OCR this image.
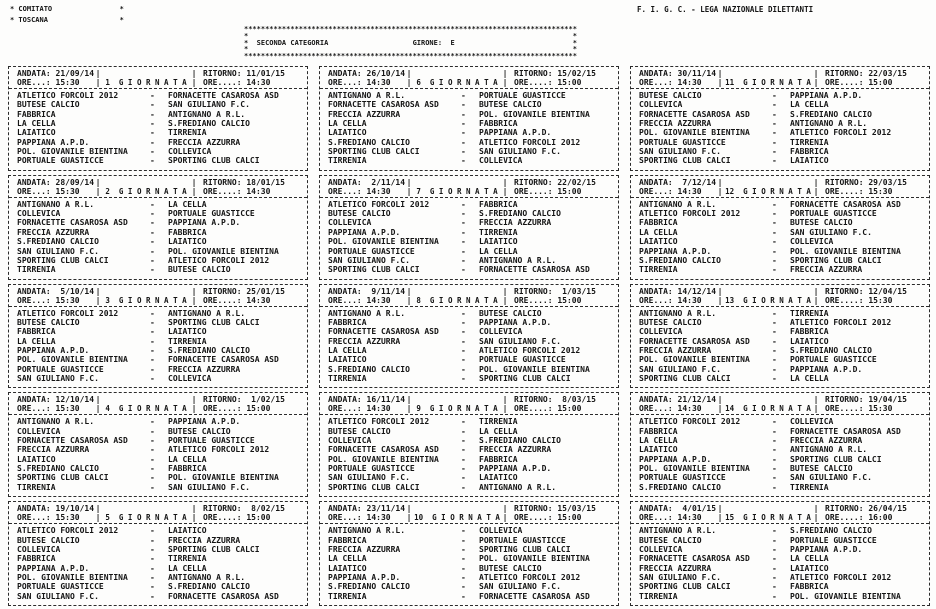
* COMITATO                *
* TOSCANA                 *
F. I. G. C. - LEGA NAZIONALE DILETTANTI
*******************************************************************************
*                                                                             *
*  SECONDA CATEGORIA                    GIRONE:  E                            *
*                                                                             *
*******************************************************************************
ANDATA: 21/09/14 |	| RITORNO: 11/01/15
ORE...: 15:30	| 1  G I O R N A T A | ORE....: 14:30
ATLETICO FORCOLI 2012	-	FORNACETTE CASAROSA ASD
BUTESE CALCIO	-	SAN GIULIANO F.C.
FABBRICA	-	ANTIGNANO A R.L.
LA CELLA	-	S.FREDIANO CALCIO
LAIATICO	-	TIRRENIA
PAPPIANA A.P.D.	-	FRECCIA AZZURRA
POL. GIOVANILE BIENTINA	-	COLLEVICA
PORTUALE GUASTICCE	-	SPORTING CLUB CALCI
ANDATA: 28/09/14 |	| RITORNO: 18/01/15
ORE...: 15:30	| 2  G I O R N A T A | ORE....: 14:30
ANTIGNANO A R.L.	-	LA CELLA
COLLEVICA	-	PORTUALE GUASTICCE
FORNACETTE CASAROSA ASD	-	PAPPIANA A.P.D.
FRECCIA AZZURRA	-	FABBRICA
S.FREDIANO CALCIO	-	LAIATICO
SAN GIULIANO F.C.	-	POL. GIOVANILE BIENTINA
SPORTING CLUB CALCI	-	ATLETICO FORCOLI 2012
TIRRENIA	-	BUTESE CALCIO
ANDATA:  5/10/14 |	| RITORNO: 25/01/15
ORE...: 15:30	| 3  G I O R N A T A | ORE....: 14:30
ATLETICO FORCOLI 2012	-	ANTIGNANO A R.L.
BUTESE CALCIO	-	SPORTING CLUB CALCI
FABBRICA	-	LAIATICO
LA CELLA	-	TIRRENIA
PAPPIANA A.P.D.	-	S.FREDIANO CALCIO
POL. GIOVANILE BIENTINA	-	FORNACETTE CASAROSA ASD
PORTUALE GUASTICCE	-	FRECCIA AZZURRA
SAN GIULIANO F.C.	-	COLLEVICA
ANDATA: 12/10/14 |	| RITORNO:  1/02/15
ORE...: 15:30	| 4  G I O R N A T A | ORE....: 15:00
ANTIGNANO A R.L.	-	PAPPIANA A.P.D.
COLLEVICA	-	BUTESE CALCIO
FORNACETTE CASAROSA ASD	-	PORTUALE GUASTICCE
FRECCIA AZZURRA	-	ATLETICO FORCOLI 2012
LAIATICO	-	LA CELLA
S.FREDIANO CALCIO	-	FABBRICA
SPORTING CLUB CALCI	-	POL. GIOVANILE BIENTINA
TIRRENIA	-	SAN GIULIANO F.C.
ANDATA: 19/10/14 |	| RITORNO:  8/02/15
ORE...: 15:30	| 5  G I O R N A T A | ORE....: 15:00
ATLETICO FORCOLI 2012	-	LAIATICO
BUTESE CALCIO	-	FRECCIA AZZURRA
COLLEVICA	-	SPORTING CLUB CALCI
FABBRICA	-	TIRRENIA
PAPPIANA A.P.D.	-	LA CELLA
POL. GIOVANILE BIENTINA	-	ANTIGNANO A R.L.
PORTUALE GUASTICCE	-	S.FREDIANO CALCIO
SAN GIULIANO F.C.	-	FORNACETTE CASAROSA ASD
ANDATA: 26/10/14 |	| RITORNO: 15/02/15
ORE...: 14:30	| 6  G I O R N A T A | ORE....: 15:00
ANTIGNANO A R.L.	-	PORTUALE GUASTICCE
FORNACETTE CASAROSA ASD	-	BUTESE CALCIO
FRECCIA AZZURRA	-	POL. GIOVANILE BIENTINA
LA CELLA	-	FABBRICA
LAIATICO	-	PAPPIANA A.P.D.
S.FREDIANO CALCIO	-	ATLETICO FORCOLI 2012
SPORTING CLUB CALCI	-	SAN GIULIANO F.C.
TIRRENIA	-	COLLEVICA
ANDATA:  2/11/14 |	| RITORNO: 22/02/15
ORE...: 14:30	| 7  G I O R N A T A | ORE....: 15:00
ATLETICO FORCOLI 2012	-	FABBRICA
BUTESE CALCIO	-	S.FREDIANO CALCIO
COLLEVICA	-	FRECCIA AZZURRA
PAPPIANA A.P.D.	-	TIRRENIA
POL. GIOVANILE BIENTINA	-	LAIATICO
PORTUALE GUASTICCE	-	LA CELLA
SAN GIULIANO F.C.	-	ANTIGNANO A R.L.
SPORTING CLUB CALCI	-	FORNACETTE CASAROSA ASD
ANDATA:  9/11/14 |	| RITORNO:  1/03/15
ORE...: 14:30	| 8  G I O R N A T A | ORE....: 15:00
ANTIGNANO A R.L.	-	BUTESE CALCIO
FABBRICA	-	PAPPIANA A.P.D.
FORNACETTE CASAROSA ASD	-	COLLEVICA
FRECCIA AZZURRA	-	SAN GIULIANO F.C.
LA CELLA	-	ATLETICO FORCOLI 2012
LAIATICO	-	PORTUALE GUASTICCE
S.FREDIANO CALCIO	-	POL. GIOVANILE BIENTINA
TIRRENIA	-	SPORTING CLUB CALCI
ANDATA: 16/11/14 |	| RITORNO:  8/03/15
ORE...: 14:30	| 9  G I O R N A T A | ORE....: 15:00
ATLETICO FORCOLI 2012	-	TIRRENIA
BUTESE CALCIO	-	LA CELLA
COLLEVICA	-	S.FREDIANO CALCIO
FORNACETTE CASAROSA ASD	-	FRECCIA AZZURRA
POL. GIOVANILE BIENTINA	-	FABBRICA
PORTUALE GUASTICCE	-	PAPPIANA A.P.D.
SAN GIULIANO F.C.	-	LAIATICO
SPORTING CLUB CALCI	-	ANTIGNANO A R.L.
ANDATA: 23/11/14 |	| RITORNO: 15/03/15
ORE...: 14:30	| 10  G I O R N A T A | ORE....: 15:00
ANTIGNANO A R.L.	-	COLLEVICA
FABBRICA	-	PORTUALE GUASTICCE
FRECCIA AZZURRA	-	SPORTING CLUB CALCI
LA CELLA	-	POL. GIOVANILE BIENTINA
LAIATICO	-	BUTESE CALCIO
PAPPIANA A.P.D.	-	ATLETICO FORCOLI 2012
S.FREDIANO CALCIO	-	SAN GIULIANO F.C.
TIRRENIA	-	FORNACETTE CASAROSA ASD
ANDATA: 30/11/14 |	| RITORNO: 22/03/15
ORE...: 14:30	| 11  G I O R N A T A | ORE....: 15:00
BUTESE CALCIO	-	PAPPIANA A.P.D.
COLLEVICA	-	LA CELLA
FORNACETTE CASAROSA ASD	-	S.FREDIANO CALCIO
FRECCIA AZZURRA	-	ANTIGNANO A R.L.
POL. GIOVANILE BIENTINA	-	ATLETICO FORCOLI 2012
PORTUALE GUASTICCE	-	TIRRENIA
SAN GIULIANO F.C.	-	FABBRICA
SPORTING CLUB CALCI	-	LAIATICO
ANDATA:  7/12/14 |	| RITORNO: 29/03/15
ORE...: 14:30	| 12  G I O R N A T A | ORE....: 15:30
ANTIGNANO A R.L.	-	FORNACETTE CASAROSA ASD
ATLETICO FORCOLI 2012	-	PORTUALE GUASTICCE
FABBRICA	-	BUTESE CALCIO
LA CELLA	-	SAN GIULIANO F.C.
LAIATICO	-	COLLEVICA
PAPPIANA A.P.D.	-	POL. GIOVANILE BIENTINA
S.FREDIANO CALCIO	-	SPORTING CLUB CALCI
TIRRENIA	-	FRECCIA AZZURRA
ANDATA: 14/12/14 |	| RITORNO: 12/04/15
ORE...: 14:30	| 13  G I O R N A T A | ORE....: 15:30
ANTIGNANO A R.L.	-	TIRRENIA
BUTESE CALCIO	-	ATLETICO FORCOLI 2012
COLLEVICA	-	FABBRICA
FORNACETTE CASAROSA ASD	-	LAIATICO
FRECCIA AZZURRA	-	S.FREDIANO CALCIO
POL. GIOVANILE BIENTINA	-	PORTUALE GUASTICCE
SAN GIULIANO F.C.	-	PAPPIANA A.P.D.
SPORTING CLUB CALCI	-	LA CELLA
ANDATA: 21/12/14 |	| RITORNO: 19/04/15
ORE...: 14:30	| 14  G I O R N A T A | ORE....: 15:30
ATLETICO FORCOLI 2012	-	COLLEVICA
FABBRICA	-	FORNACETTE CASAROSA ASD
LA CELLA	-	FRECCIA AZZURRA
LAIATICO	-	ANTIGNANO A R.L.
PAPPIANA A.P.D.	-	SPORTING CLUB CALCI
POL. GIOVANILE BIENTINA	-	BUTESE CALCIO
PORTUALE GUASTICCE	-	SAN GIULIANO F.C.
S.FREDIANO CALCIO	-	TIRRENIA
ANDATA:  4/01/15 |	| RITORNO: 26/04/15
ORE...: 14:30	| 15  G I O R N A T A | ORE....: 16:00
ANTIGNANO A R.L.	-	S.FREDIANO CALCIO
BUTESE CALCIO	-	PORTUALE GUASTICCE
COLLEVICA	-	PAPPIANA A.P.D.
FORNACETTE CASAROSA ASD	-	LA CELLA
FRECCIA AZZURRA	-	LAIATICO
SAN GIULIANO F.C.	-	ATLETICO FORCOLI 2012
SPORTING CLUB CALCI	-	FABBRICA
TIRRENIA	-	POL. GIOVANILE BIENTINA
